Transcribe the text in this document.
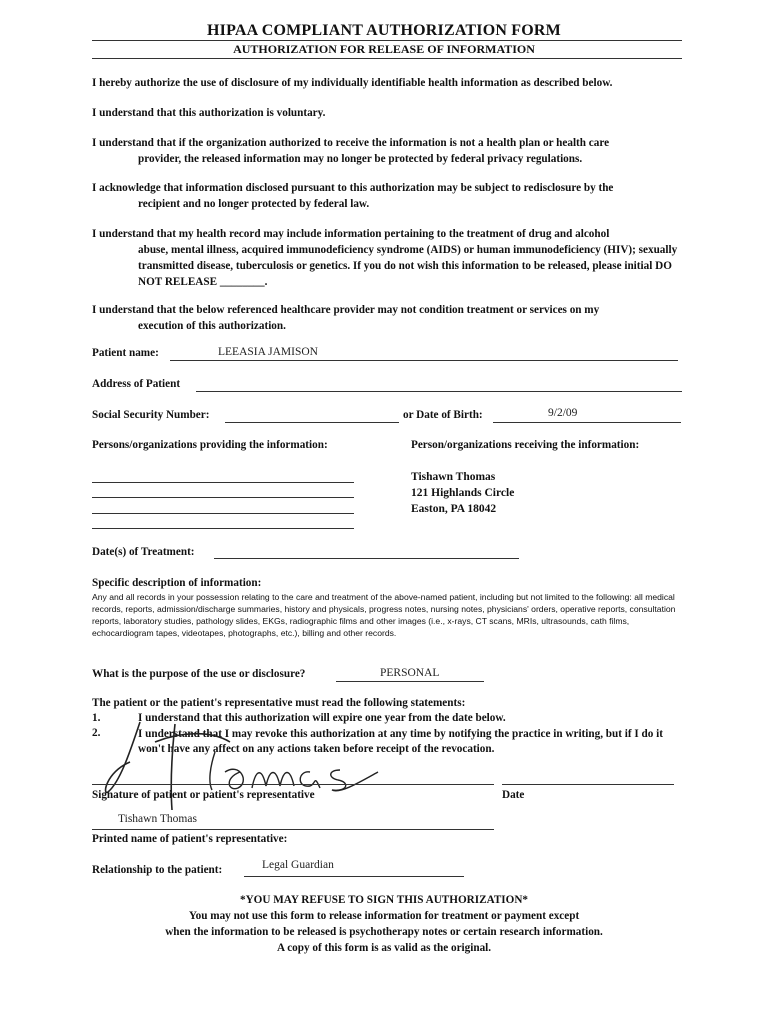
HIPAA COMPLIANT AUTHORIZATION FORM
AUTHORIZATION FOR RELEASE OF INFORMATION
I hereby authorize the use of disclosure of my individually identifiable health information as described below.
I understand that this authorization is voluntary.
I understand that if the organization authorized to receive the information is not a health plan or health care
provider, the released information may no longer be protected by federal privacy regulations.
I acknowledge that information disclosed pursuant to this authorization may be subject to redisclosure by the
recipient and no longer protected by federal law.
I understand that my health record may include information pertaining to the treatment of drug and alcohol
abuse, mental illness, acquired immunodeficiency syndrome (AIDS) or human immunodeficiency (HIV); sexually transmitted disease, tuberculosis or genetics. If you do not wish this information to be released, please initial DO NOT RELEASE ________.
I understand that the below referenced healthcare provider may not condition treatment or services on my
execution of this authorization.
Patient name:	LEEASIA JAMISON
Address of Patient
Social Security Number:	or Date of Birth:	9/2/09
Persons/organizations providing the information:	Person/organizations receiving the information:
Tishawn Thomas
121 Highlands Circle
Easton, PA 18042
Date(s) of Treatment:
Specific description of information:
Any and all records in your possession relating to the care and treatment of the above-named patient, including but not limited to the following: all medical records, reports, admission/discharge summaries, history and physicals, progress notes, nursing notes, physicians' orders, operative reports, consultation reports, laboratory studies, pathology slides, EKGs, radiographic films and other images (i.e., x-rays, CT scans, MRIs, ultrasounds, cath films, echocardiogram tapes, videotapes, photographs, etc.), billing and other records.
What is the purpose of the use or disclosure?	PERSONAL
The patient or the patient's representative must read the following statements:
1.	I understand that this authorization will expire one year from the date below.
2.	I understand that I may revoke this authorization at any time by notifying the practice in writing, but if I do it won't have any affect on any actions taken before receipt of the revocation.
Signature of patient or patient's representative	Date
Tishawn Thomas
Printed name of patient's representative:
Relationship to the patient:	Legal Guardian
*YOU MAY REFUSE TO SIGN THIS AUTHORIZATION*
You may not use this form to release information for treatment or payment except
when the information to be released is psychotherapy notes or certain research information.
A copy of this form is as valid as the original.
